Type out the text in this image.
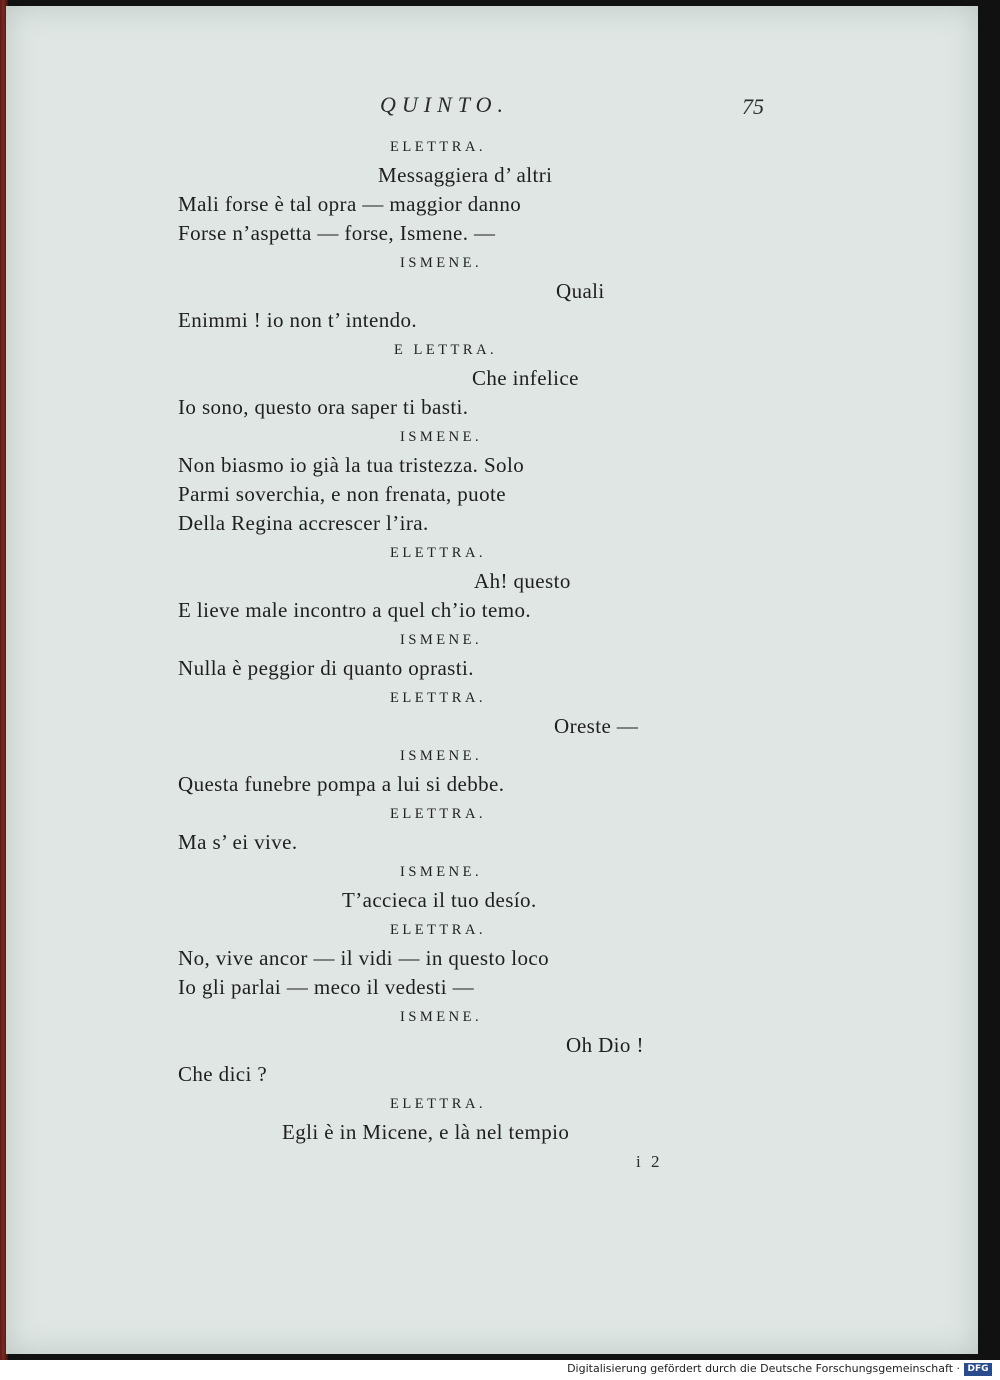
QUINTO.	75
ELETTRA.
Messaggiera d’ altri
Mali forse è tal opra — maggior danno
Forse n’aspetta — forse, Ismene. —
ISMENE.
Quali
Enimmi ! io non t’ intendo.
E LETTRA.
Che infelice
Io sono, questo ora saper ti basti.
ISMENE.
Non biasmo io già la tua tristezza. Solo
Parmi soverchia, e non frenata, puote
Della Regina accrescer l’ira.
ELETTRA.
Ah! questo
E lieve male incontro a quel ch’io temo.
ISMENE.
Nulla è peggior di quanto oprasti.
ELETTRA.
Oreste —
ISMENE.
Questa funebre pompa a lui si debbe.
ELETTRA.
Ma s’ ei vive.
ISMENE.
T’accieca il tuo desío.
ELETTRA.
No, vive ancor — il vidi — in questo loco
Io gli parlai — meco il vedesti —
ISMENE.
Oh Dio !
Che dici ?
ELETTRA.
Egli è in Micene, e là nel tempio
i 2
Digitalisierung gefördert durch die Deutsche Forschungsgemeinschaft · DFG
